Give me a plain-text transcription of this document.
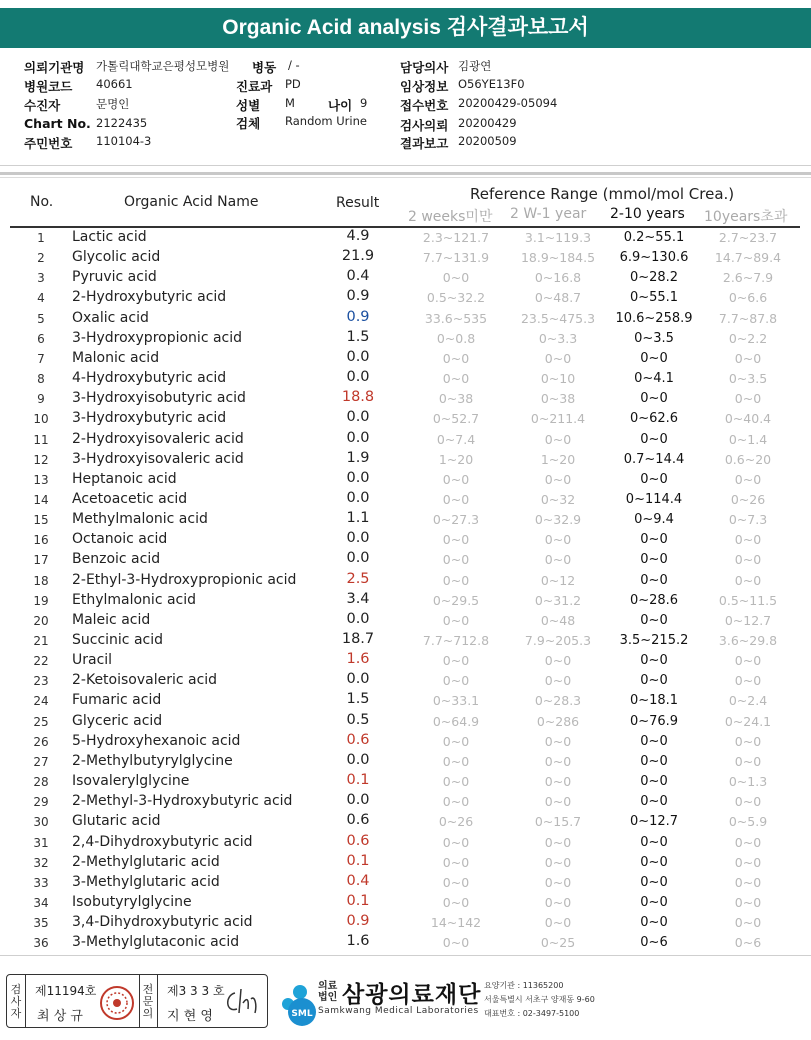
Organic Acid analysis 검사결과보고서
의뢰기관명 가톨릭대학교은평성모병원 병동 / -	담당의사 김광연
병원코드 40661	진료과 PD	임상정보 O56YE13F0
수진자	문명인	성별 M	나이 9	접수번호 20200429-05094
Chart No. 2122435	검체 Random Urine	검사의뢰 20200429
주민번호 110104-3	결과보고 20200509
No.	Organic Acid Name	Result	Reference Range (mmol/mol Crea.)
2 weeks미만 2 W-1 year 2-10 years 10years초과
1	Lactic acid	4.9	2.3~121.7	3.1~119.3	0.2~55.1	2.7~23.7
2	Glycolic acid	21.9	7.7~131.9	18.9~184.5	6.9~130.6	14.7~89.4
3	Pyruvic acid	0.4	0~0	0~16.8	0~28.2	2.6~7.9
4	2-Hydroxybutyric acid	0.9	0.5~32.2	0~48.7	0~55.1	0~6.6
5	Oxalic acid	0.9	33.6~535	23.5~475.3	10.6~258.9	7.7~87.8
6	3-Hydroxypropionic acid	1.5	0~0.8	0~3.3	0~3.5	0~2.2
7	Malonic acid	0.0	0~0	0~0	0~0	0~0
8	4-Hydroxybutyric acid	0.0	0~0	0~10	0~4.1	0~3.5
9	3-Hydroxyisobutyric acid	18.8	0~38	0~38	0~0	0~0
10	3-Hydroxybutyric acid	0.0	0~52.7	0~211.4	0~62.6	0~40.4
11	2-Hydroxyisovaleric acid	0.0	0~7.4	0~0	0~0	0~1.4
12	3-Hydroxyisovaleric acid	1.9	1~20	1~20	0.7~14.4	0.6~20
13	Heptanoic acid	0.0	0~0	0~0	0~0	0~0
14	Acetoacetic acid	0.0	0~0	0~32	0~114.4	0~26
15	Methylmalonic acid	1.1	0~27.3	0~32.9	0~9.4	0~7.3
16	Octanoic acid	0.0	0~0	0~0	0~0	0~0
17	Benzoic acid	0.0	0~0	0~0	0~0	0~0
18	2-Ethyl-3-Hydroxypropionic acid	2.5	0~0	0~12	0~0	0~0
19	Ethylmalonic acid	3.4	0~29.5	0~31.2	0~28.6	0.5~11.5
20	Maleic acid	0.0	0~0	0~48	0~0	0~12.7
21	Succinic acid	18.7	7.7~712.8	7.9~205.3	3.5~215.2	3.6~29.8
22	Uracil	1.6	0~0	0~0	0~0	0~0
23	2-Ketoisovaleric acid	0.0	0~0	0~0	0~0	0~0
24	Fumaric acid	1.5	0~33.1	0~28.3	0~18.1	0~2.4
25	Glyceric acid	0.5	0~64.9	0~286	0~76.9	0~24.1
26	5-Hydroxyhexanoic acid	0.6	0~0	0~0	0~0	0~0
27	2-Methylbutyrylglycine	0.0	0~0	0~0	0~0	0~0
28	Isovalerylglycine	0.1	0~0	0~0	0~0	0~1.3
29	2-Methyl-3-Hydroxybutyric acid	0.0	0~0	0~0	0~0	0~0
30	Glutaric acid	0.6	0~26	0~15.7	0~12.7	0~5.9
31	2,4-Dihydroxybutyric acid	0.6	0~0	0~0	0~0	0~0
32	2-Methylglutaric acid	0.1	0~0	0~0	0~0	0~0
33	3-Methylglutaric acid	0.4	0~0	0~0	0~0	0~0
34	Isobutyrylglycine	0.1	0~0	0~0	0~0	0~0
35	3,4-Dihydroxybutyric acid	0.9	14~142	0~0	0~0	0~0
36	3-Methylglutaconic acid	1.6	0~0	0~25	0~6	0~6
검
사
자
제11194호
최 상 규
전
문
의
제3 3 3 호
지 현 영	SML
의료
법인 삼광의료재단
Samkwang Medical Laboratories
요양기관 : 11365200
서울특별시 서초구 양재동 9-60
대표번호 : 02-3497-5100
